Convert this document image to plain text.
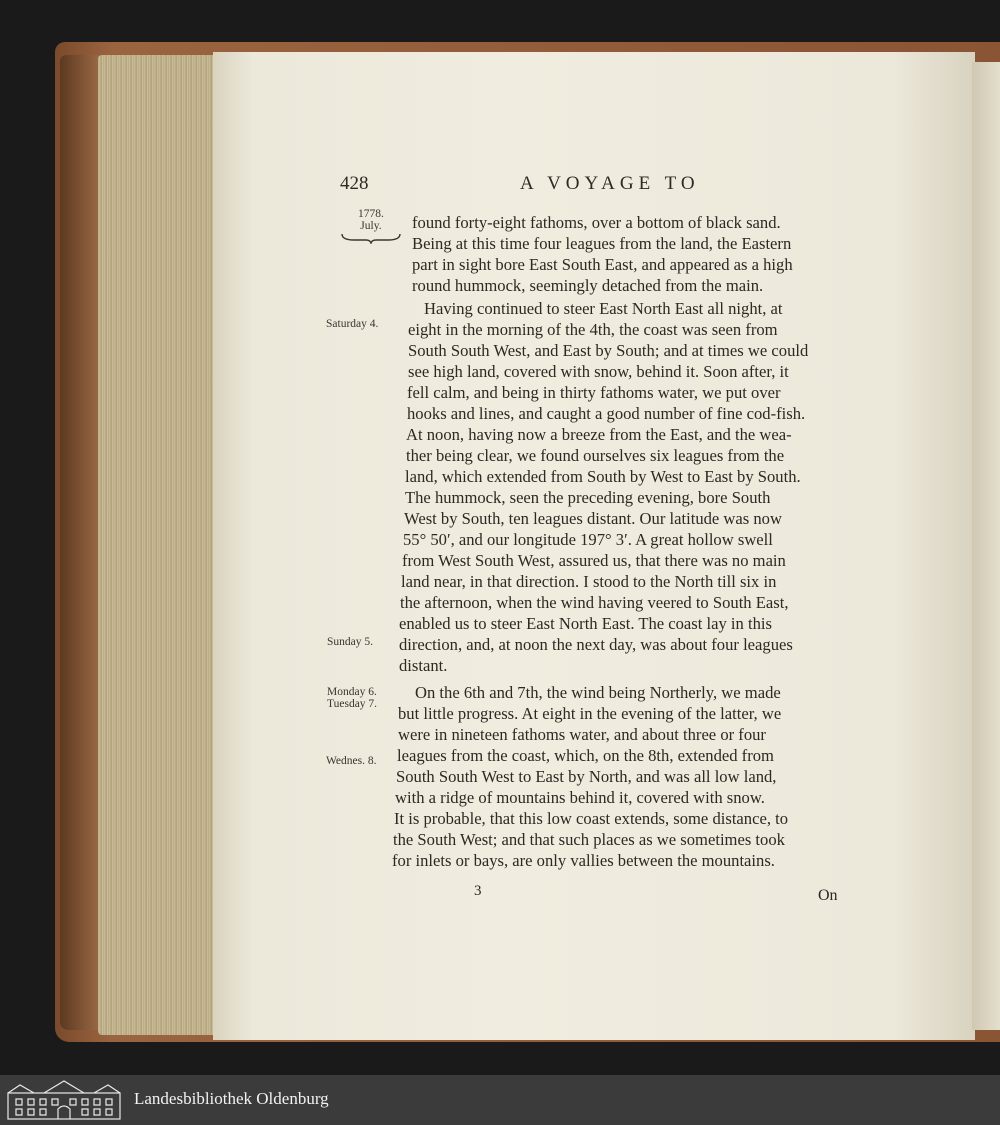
428	A VOYAGE TO
1778.
July.
Saturday 4.
Sunday 5.
Monday 6.
Tuesday 7.
Wednes. 8.
found forty-eight fathoms, over a bottom of black sand.
Being at this time four leagues from the land, the Eastern
part in sight bore East South East, and appeared as a high
round hummock, seemingly detached from the main.
Having continued to steer East North East all night, at
eight in the morning of the 4th, the coast was seen from
South South West, and East by South; and at times we could
see high land, covered with snow, behind it. Soon after, it
fell calm, and being in thirty fathoms water, we put over
hooks and lines, and caught a good number of fine cod-fish.
At noon, having now a breeze from the East, and the wea-
ther being clear, we found ourselves six leagues from the
land, which extended from South by West to East by South.
The hummock, seen the preceding evening, bore South
West by South, ten leagues distant. Our latitude was now
55° 50′, and our longitude 197° 3′. A great hollow swell
from West South West, assured us, that there was no main
land near, in that direction. I stood to the North till six in
the afternoon, when the wind having veered to South East,
enabled us to steer East North East. The coast lay in this
direction, and, at noon the next day, was about four leagues
distant.
On the 6th and 7th, the wind being Northerly, we made
but little progress. At eight in the evening of the latter, we
were in nineteen fathoms water, and about three or four
leagues from the coast, which, on the 8th, extended from
South South West to East by North, and was all low land,
with a ridge of mountains behind it, covered with snow.
It is probable, that this low coast extends, some distance, to
the South West; and that such places as we sometimes took
for inlets or bays, are only vallies between the mountains.
3	On
Landesbibliothek Oldenburg
